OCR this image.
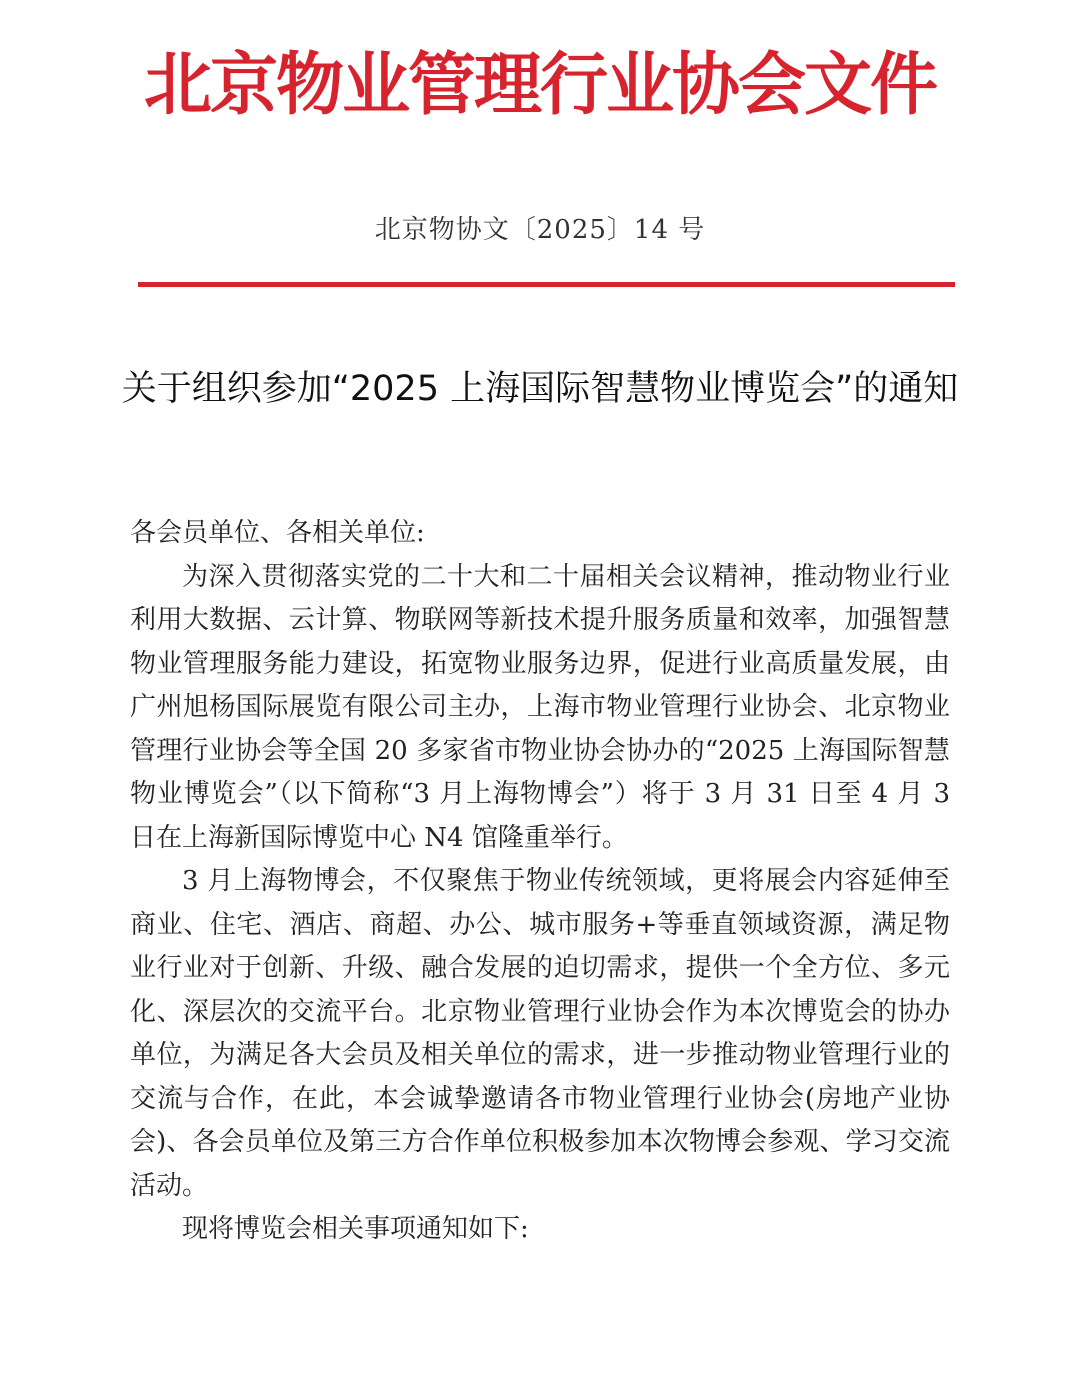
北京物业管理行业协会文件
北京物协文〔2025〕14 号
关于组织参加“2025 上海国际智慧物业博览会”的通知

各会员单位、各相关单位:

为深入贯彻落实党的二十大和二十届相关会议精神，推动物业行业利用大数据、云计算、物联网等新技术提升服务质量和效率，加强智慧物业管理服务能力建设，拓宽物业服务边界，促进行业高质量发展，由广州旭杨国际展览有限公司主办，上海市物业管理行业协会、北京物业管理行业协会等全国 20 多家省市物业协会协办的“2025 上海国际智慧物业博览会”（以下简称“3 月上海物博会”）将于 3 月 31 日至 4 月 3 日在上海新国际博览中心 N4 馆隆重举行。

3 月上海物博会，不仅聚焦于物业传统领域，更将展会内容延伸至商业、住宅、酒店、商超、办公、城市服务+等垂直领域资源，满足物业行业对于创新、升级、融合发展的迫切需求，提供一个全方位、多元化、深层次的交流平台。北京物业管理行业协会作为本次博览会的协办单位，为满足各大会员及相关单位的需求，进一步推动物业管理行业的交流与合作，在此，本会诚挚邀请各市物业管理行业协会(房地产业协会)、各会员单位及第三方合作单位积极参加本次物博会参观、学习交流活动。

现将博览会相关事项通知如下:
